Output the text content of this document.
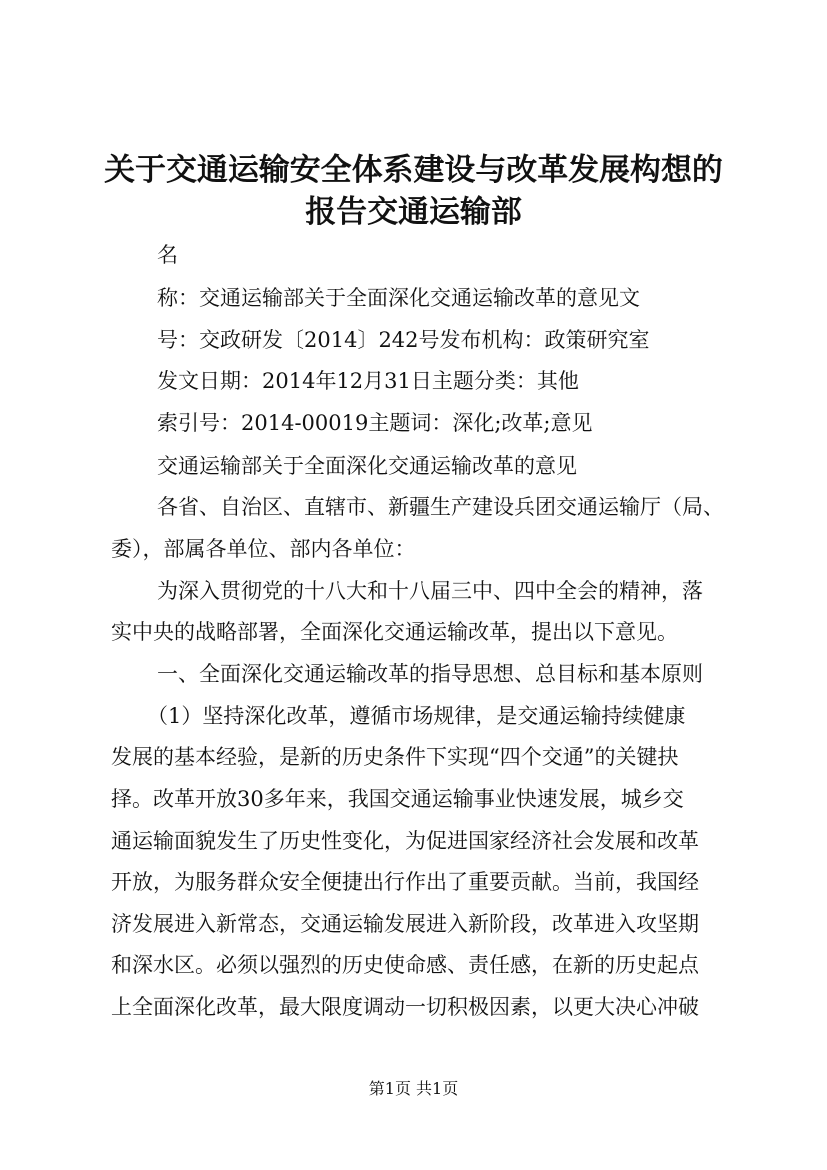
关于交通运输安全体系建设与改革发展构想的
报告交通运输部
名
称：交通运输部关于全面深化交通运输改革的意见文
号：交政研发〔2014〕242号发布机构：政策研究室
发文日期：2014年12月31日主题分类：其他
索引号：2014-00019主题词：深化;改革;意见
交通运输部关于全面深化交通运输改革的意见
各省、自治区、直辖市、新疆生产建设兵团交通运输厅（局、
委），部属各单位、部内各单位：
为深入贯彻党的十八大和十八届三中、四中全会的精神，落
实中央的战略部署，全面深化交通运输改革，提出以下意见。
一、全面深化交通运输改革的指导思想、总目标和基本原则
（1）坚持深化改革，遵循市场规律，是交通运输持续健康
发展的基本经验，是新的历史条件下实现“四个交通”的关键抉
择。改革开放30多年来，我国交通运输事业快速发展，城乡交
通运输面貌发生了历史性变化，为促进国家经济社会发展和改革
开放，为服务群众安全便捷出行作出了重要贡献。当前，我国经
济发展进入新常态，交通运输发展进入新阶段，改革进入攻坚期
和深水区。必须以强烈的历史使命感、责任感，在新的历史起点
上全面深化改革，最大限度调动一切积极因素，以更大决心冲破
第1页 共1页
